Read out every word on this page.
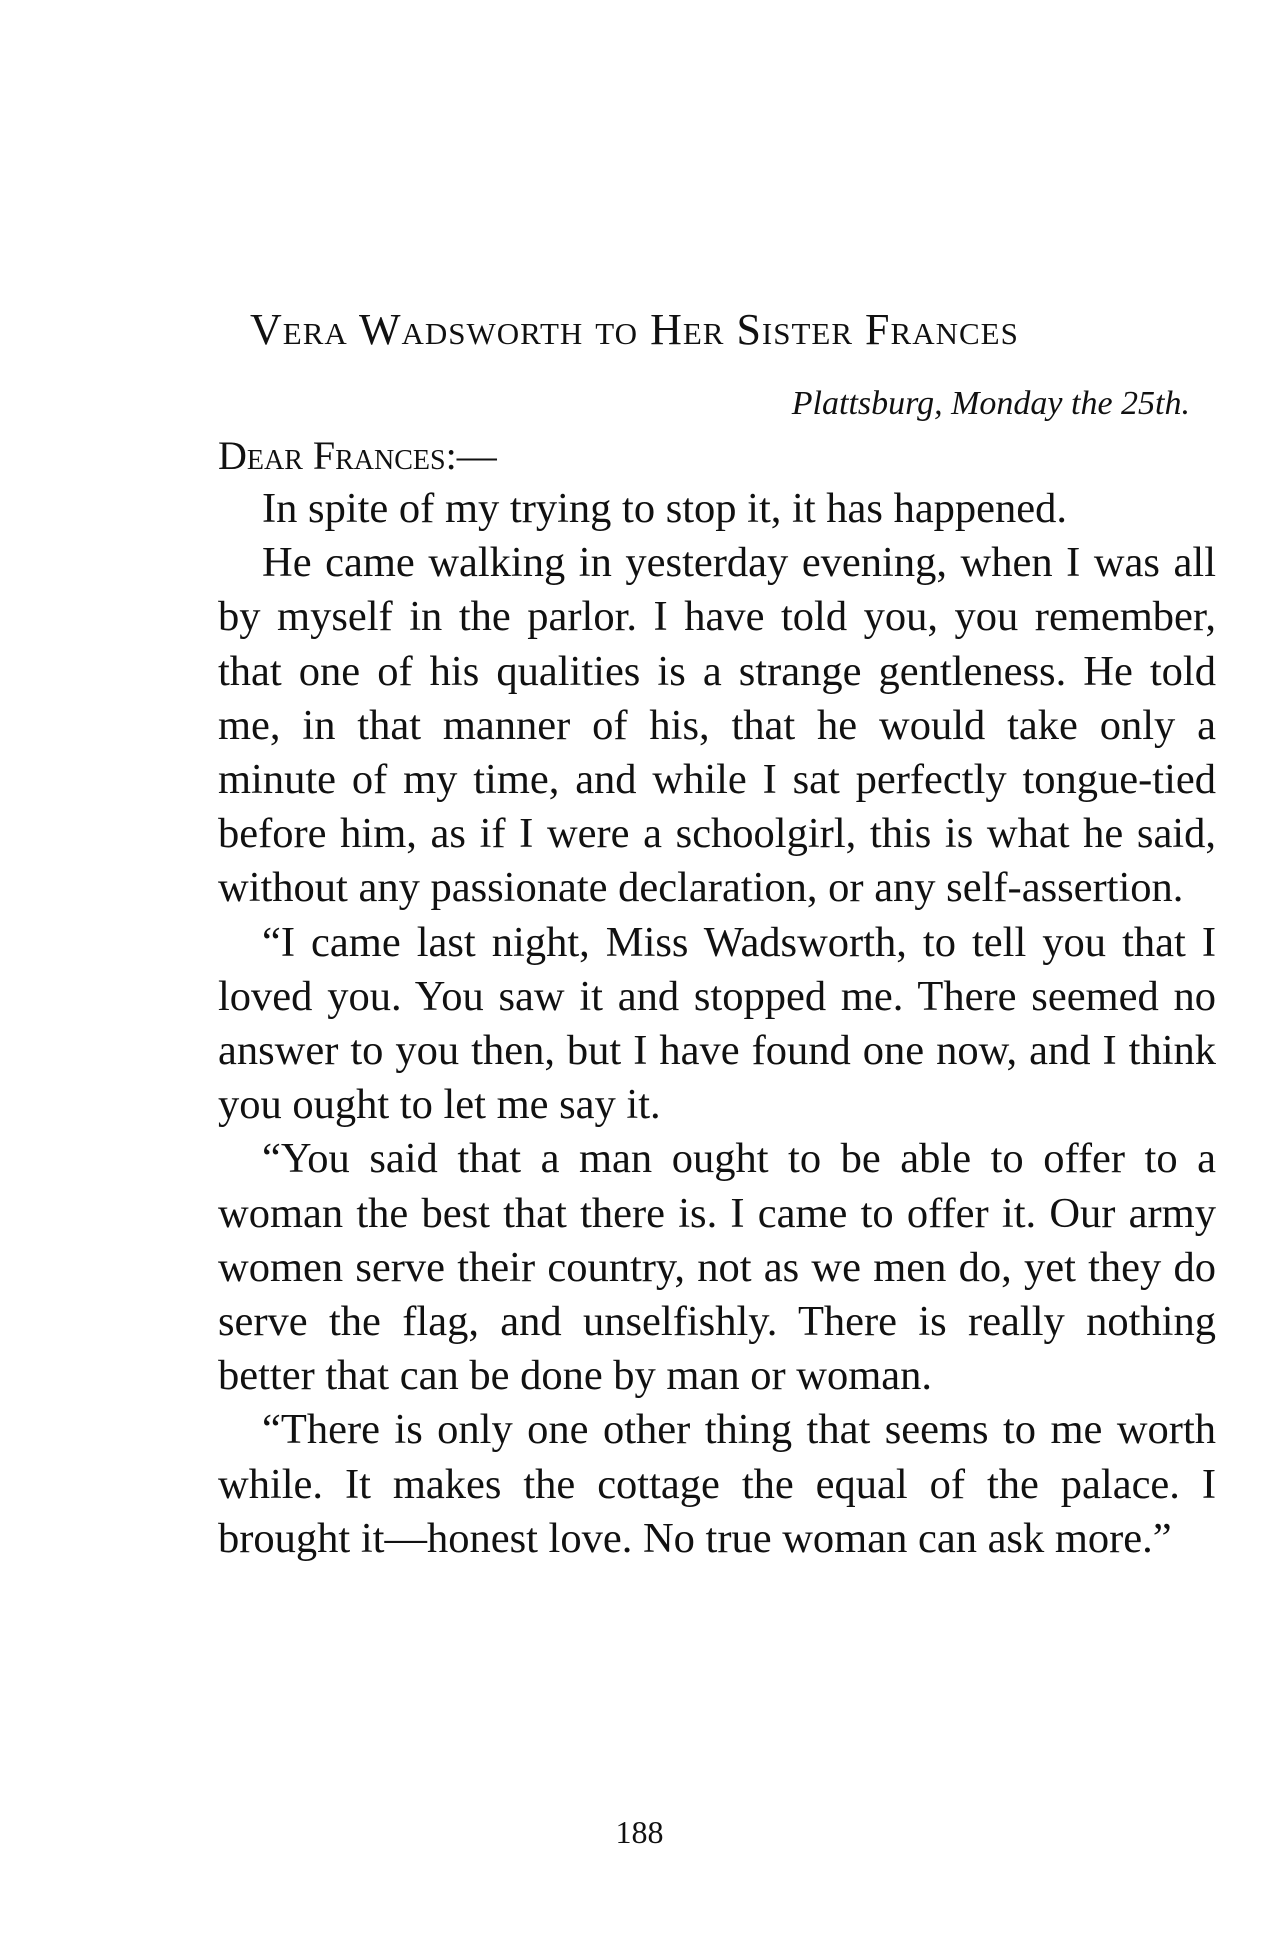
Vera Wadsworth to Her Sister Frances
Plattsburg, Monday the 25th.
Dear Frances:—

In spite of my trying to stop it, it has happened.

He came walking in yesterday evening, when I was all by myself in the parlor. I have told you, you remember, that one of his qualities is a strange gentleness. He told me, in that manner of his, that he would take only a minute of my time, and while I sat perfectly tongue-tied before him, as if I were a schoolgirl, this is what he said, without any passionate declaration, or any self-assertion.

“I came last night, Miss Wadsworth, to tell you that I loved you. You saw it and stopped me. There seemed no answer to you then, but I have found one now, and I think you ought to let me say it.

“You said that a man ought to be able to offer to a woman the best that there is. I came to offer it. Our army women serve their country, not as we men do, yet they do serve the flag, and unselfishly. There is really nothing better that can be done by man or woman.

“There is only one other thing that seems to me worth while. It makes the cottage the equal of the palace. I brought it—honest love. No true woman can ask more.”

188
